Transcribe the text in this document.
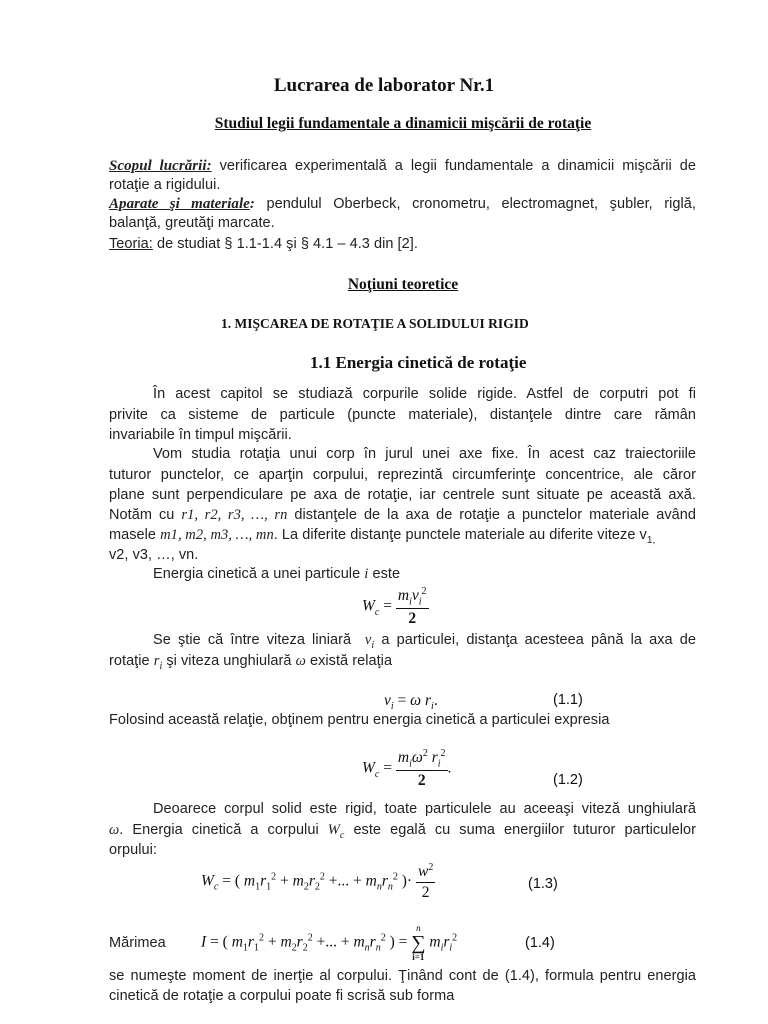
Lucrarea de laborator Nr.1
Studiul legii fundamentale a dinamicii mişcării de rotaţie
Scopul lucrării: verificarea experimentală a legii fundamentale a dinamicii mişcării de
rotaţie a rigidului.
Aparate şi materiale: pendulul Oberbeck, cronometru, electromagnet, şubler, riglă,
balanţă, greutăţi marcate.
Teoria: de studiat § 1.1-1.4 şi § 4.1 – 4.3 din [2].
Noţiuni teoretice
1. MIŞCAREA DE ROTAŢIE A SOLIDULUI RIGID
1.1 Energia cinetică de rotaţie
În acest capitol se studiază corpurile solide rigide. Astfel de corputri pot fi
privite ca sisteme de particule (puncte materiale), distanţele dintre care rămân
invariabile în timpul mişcării.
Vom studia rotaţia unui corp în jurul unei axe fixe. În acest caz traiectoriile
tuturor punctelor, ce aparţin corpului, reprezintă circumferinţe concentrice, ale căror
plane sunt perpendiculare pe axa de rotaţie, iar centrele sunt situate pe această axă.
Notăm cu r1, r2, r3, …, rn distanţele de la axa de rotaţie a punctelor materiale având
masele m1, m2, m3, …, mn. La diferite distanţe punctele materiale au diferite viteze $v_{1,}$
v2, v3, …, vn.
Energia cinetică a unei particule i este
$W_c = \frac{m_iv_i^2}{2}$
Se ştie că între viteza liniară  $v_i$ a particulei, distanţa acesteea până la axa de
rotaţie $r_i$ şi viteza unghiulară ω există relaţia
$v_i = \omega$ $r_i$.	(1.1)
Folosind această relaţie, obţinem pentru energia cinetică a particulei expresia
$W_c = \frac{m_i\omega^2 r_i^2}{2}$ .
(1.2)
Deoarece corpul solid este rigid, toate particulele au aceeaşi viteză unghiulară
ω. Energia cinetică a corpului $W_c$ este egală cu suma energiilor tuturor particulelor
orpului:
$W_c$ = ( $m_1r_1^2 + m_2r_2^2$ +... + $m_nr_n^2$ )· $\frac{w^2}{2}$	(1.3)
Mărimea I = ( $m_1r_1^2 + m_2r_2^2$ +... + $m_nr_n^2$ ) =
n
∑
i=1
$m_ir_i^2$	(1.4)
se numeşte moment de inerţie al corpului. Ţinând cont de (1.4), formula pentru energia
cinetică de rotaţie a corpului poate fi scrisă sub forma
